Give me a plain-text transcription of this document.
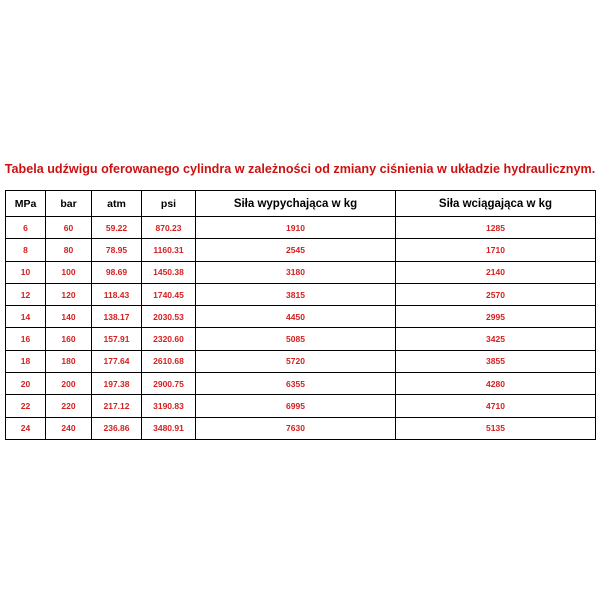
Tabela udźwigu oferowanego cylindra w zależności od zmiany ciśnienia w układzie hydraulicznym.
MPa	bar	atm	psi	Siła wypychająca w kg	Siła wciągająca w kg
6	60	59.22	870.23	1910	1285
8	80	78.95	1160.31	2545	1710
10	100	98.69	1450.38	3180	2140
12	120	118.43	1740.45	3815	2570
14	140	138.17	2030.53	4450	2995
16	160	157.91	2320.60	5085	3425
18	180	177.64	2610.68	5720	3855
20	200	197.38	2900.75	6355	4280
22	220	217.12	3190.83	6995	4710
24	240	236.86	3480.91	7630	5135
